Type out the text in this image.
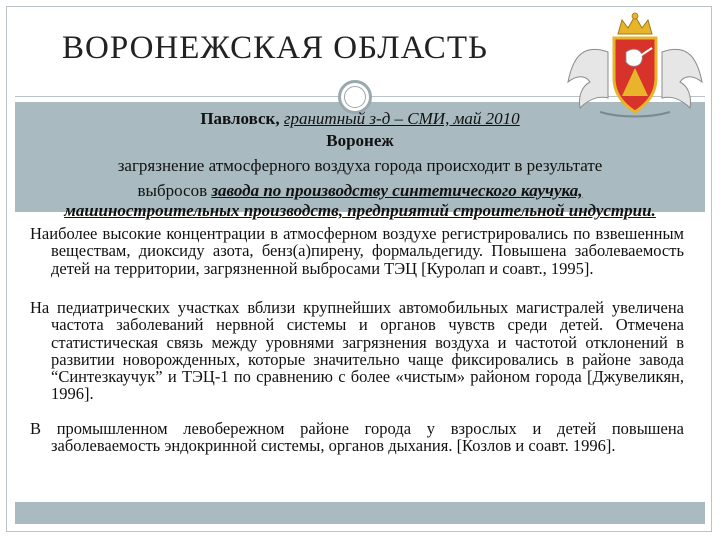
ВОРОНЕЖСКАЯ ОБЛАСТЬ
Павловск, гранитный з-д – СМИ, май 2010
Воронеж
загрязнение атмосферного воздуха города происходит в результате
выбросов завода по производству синтетического каучука,
машиностроительных производств, предприятий строительной индустрии.
Наиболее высокие концентрации в атмосферном воздухе регистрировались по взвешенным веществам, диоксиду азота, бенз(а)пирену, формальдегиду. Повышена заболеваемость детей на территории, загрязненной выбросами ТЭЦ [Куролап и соавт., 1995].
На педиатрических участках вблизи крупнейших автомобильных магистралей увеличена частота заболеваний нервной системы и органов чувств среди детей. Отмечена статистическая связь между уровнями загрязнения воздуха и частотой отклонений в развитии новорожденных, которые значительно чаще фиксировались в районе завода “Синтезкаучук” и ТЭЦ-1 по сравнению с более «чистым» районом города [Джувеликян, 1996].
В промышленном левобережном районе города у взрослых и детей повышена заболеваемость эндокринной системы, органов дыхания. [Козлов и соавт. 1996].
